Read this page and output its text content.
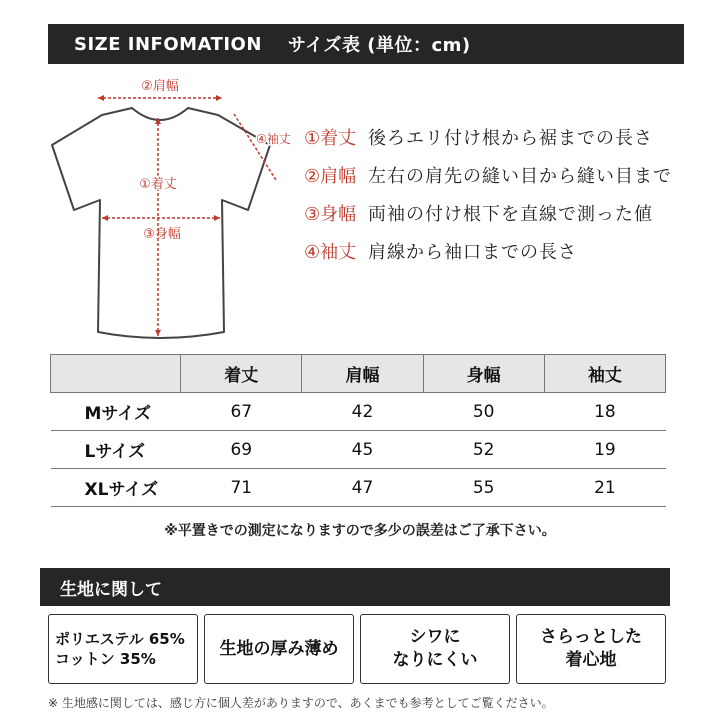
SIZE INFOMATION サイズ表 (単位：cm)
②肩幅
①着丈
③身幅
④袖丈 ①着丈 後ろエリ付け根から裾までの長さ
②肩幅 左右の肩先の縫い目から縫い目まで
③身幅 両袖の付け根下を直線で測った値
④袖丈 肩線から袖口までの長さ
	着丈	肩幅	身幅	袖丈
Mサイズ	67	42	50	18
Lサイズ	69	45	52	19
XLサイズ	71	47	55	21
※平置きでの測定になりますので多少の誤差はご了承下さい。
生地に関して
ポリエステル 65%
コットン 35%
生地の厚み薄め
シワに
なりにくい
さらっとした
着心地
※ 生地感に関しては、感じ方に個人差がありますので、あくまでも参考としてご覧ください。
